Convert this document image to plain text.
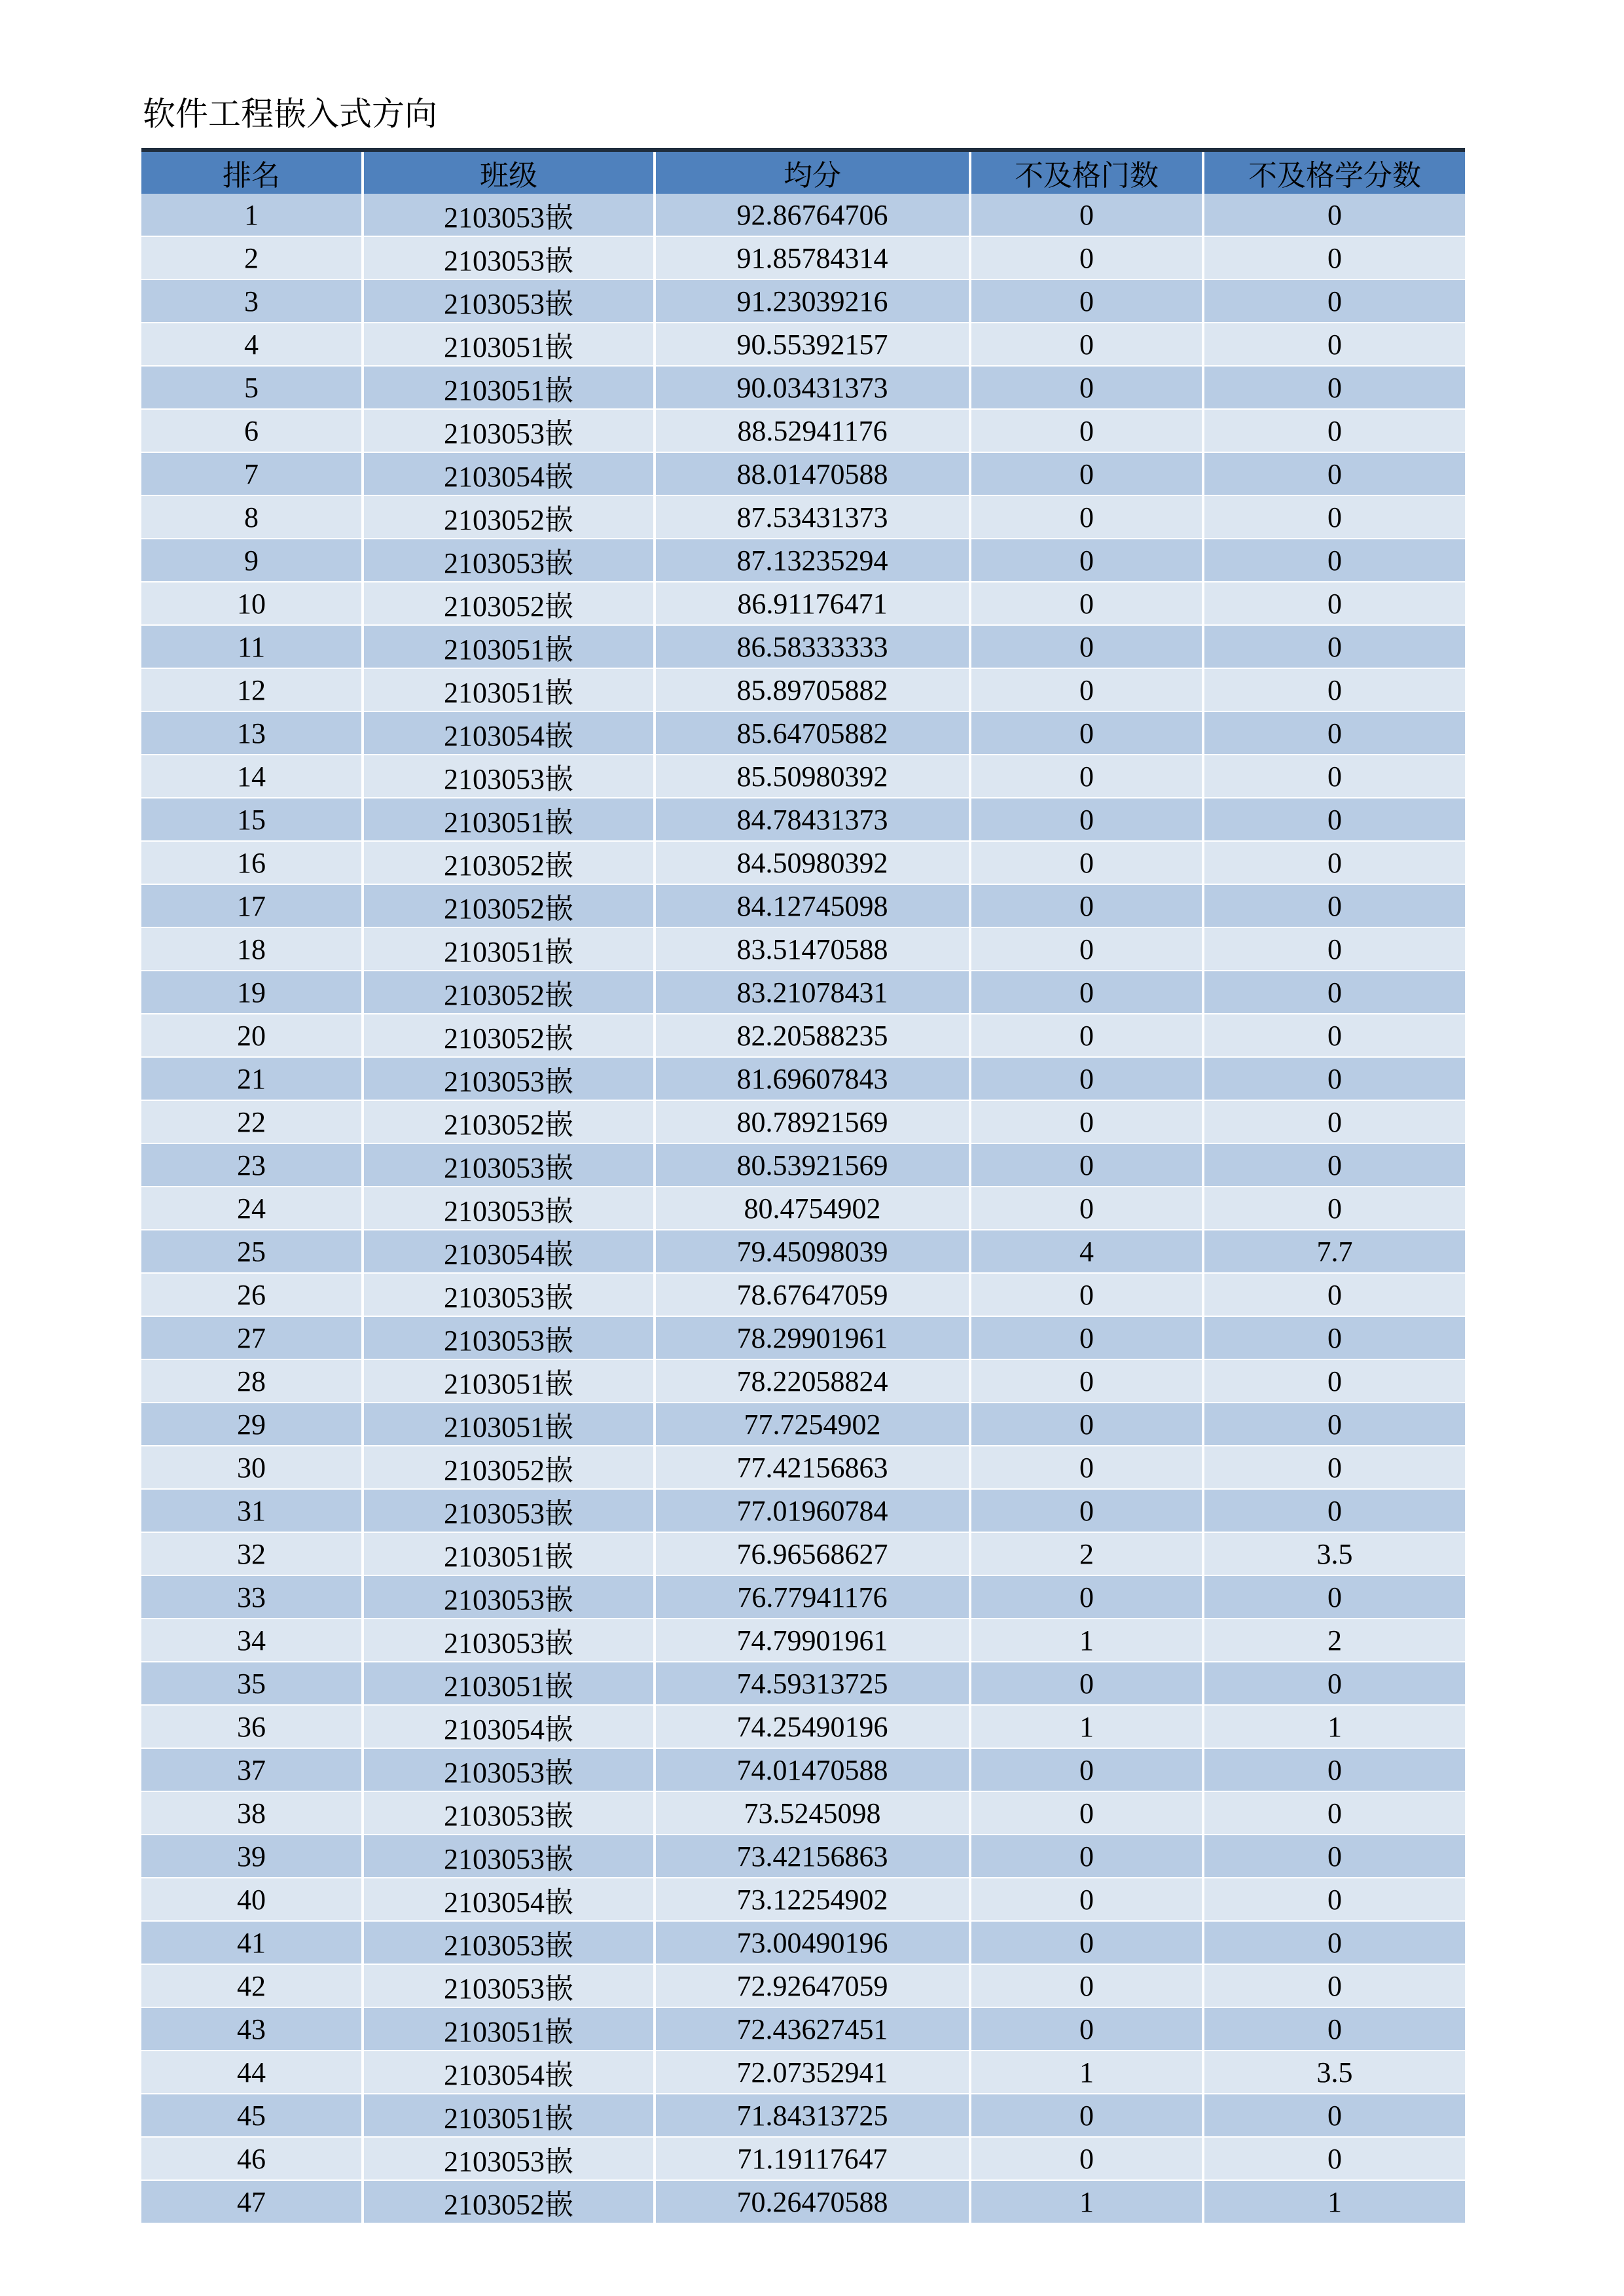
软件工程嵌入式方向
排名	班级	均分	不及格门数	不及格学分数
1	2103053嵌	92.86764706	0	0
2	2103053嵌	91.85784314	0	0
3	2103053嵌	91.23039216	0	0
4	2103051嵌	90.55392157	0	0
5	2103051嵌	90.03431373	0	0
6	2103053嵌	88.52941176	0	0
7	2103054嵌	88.01470588	0	0
8	2103052嵌	87.53431373	0	0
9	2103053嵌	87.13235294	0	0
10	2103052嵌	86.91176471	0	0
11	2103051嵌	86.58333333	0	0
12	2103051嵌	85.89705882	0	0
13	2103054嵌	85.64705882	0	0
14	2103053嵌	85.50980392	0	0
15	2103051嵌	84.78431373	0	0
16	2103052嵌	84.50980392	0	0
17	2103052嵌	84.12745098	0	0
18	2103051嵌	83.51470588	0	0
19	2103052嵌	83.21078431	0	0
20	2103052嵌	82.20588235	0	0
21	2103053嵌	81.69607843	0	0
22	2103052嵌	80.78921569	0	0
23	2103053嵌	80.53921569	0	0
24	2103053嵌	80.4754902	0	0
25	2103054嵌	79.45098039	4	7.7
26	2103053嵌	78.67647059	0	0
27	2103053嵌	78.29901961	0	0
28	2103051嵌	78.22058824	0	0
29	2103051嵌	77.7254902	0	0
30	2103052嵌	77.42156863	0	0
31	2103053嵌	77.01960784	0	0
32	2103051嵌	76.96568627	2	3.5
33	2103053嵌	76.77941176	0	0
34	2103053嵌	74.79901961	1	2
35	2103051嵌	74.59313725	0	0
36	2103054嵌	74.25490196	1	1
37	2103053嵌	74.01470588	0	0
38	2103053嵌	73.5245098	0	0
39	2103053嵌	73.42156863	0	0
40	2103054嵌	73.12254902	0	0
41	2103053嵌	73.00490196	0	0
42	2103053嵌	72.92647059	0	0
43	2103051嵌	72.43627451	0	0
44	2103054嵌	72.07352941	1	3.5
45	2103051嵌	71.84313725	0	0
46	2103053嵌	71.19117647	0	0
47	2103052嵌	70.26470588	1	1
